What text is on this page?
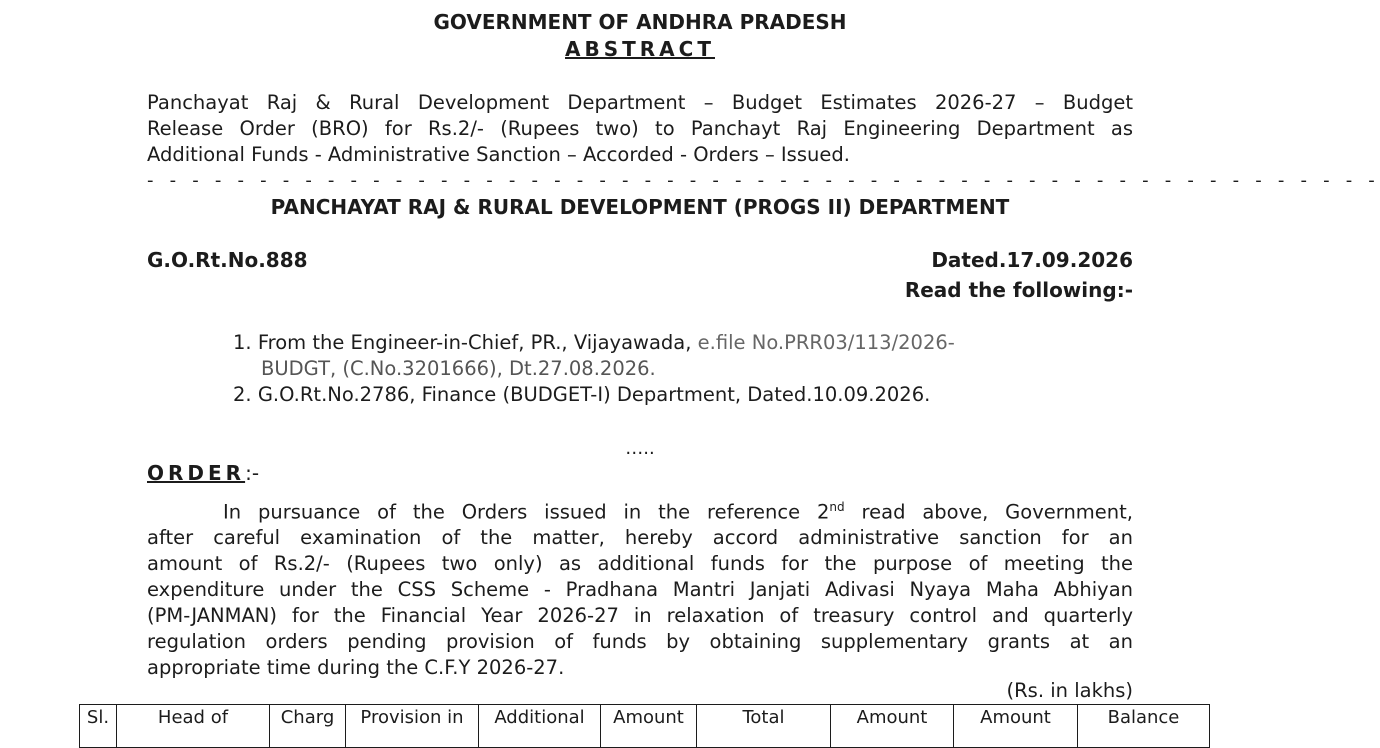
GOVERNMENT OF ANDHRA PRADESH
ABSTRACT
Panchayat Raj & Rural Development Department – Budget Estimates 2026-27 – Budget
Release Order (BRO) for Rs.2/- (Rupees two) to Panchayt Raj Engineering Department as
Additional Funds - Administrative Sanction – Accorded - Orders – Issued.
- - - - - - - - - - - - - - - - - - - - - - - - - - - - - - - - - - - - - - - - - - - - - - - - - - - - - - -
PANCHAYAT RAJ & RURAL DEVELOPMENT (PROGS II) DEPARTMENT
G.O.Rt.No.888	Dated.17.09.2026
Read the following:-
1. From the Engineer-in-Chief, PR., Vijayawada, e.file No.PRR03/113/2026-
BUDGT, (C.No.3201666), Dt.27.08.2026.
2. G.O.Rt.No.2786, Finance (BUDGET-I) Department, Dated.10.09.2026.
…..
ORDER:-
In pursuance of the Orders issued in the reference 2nd read above, Government,
after careful examination of the matter, hereby accord administrative sanction for an
amount of Rs.2/- (Rupees two only) as additional funds for the purpose of meeting the
expenditure under the CSS Scheme - Pradhana Mantri Janjati Adivasi Nyaya Maha Abhiyan
(PM-JANMAN) for the Financial Year 2026-27 in relaxation of treasury control and quarterly
regulation orders pending provision of funds by obtaining supplementary grants at an
appropriate time during the C.F.Y 2026-27.
(Rs. in lakhs)
Sl.	Head of	Charg	Provision in	Additional	Amount	Total	Amount	Amount	Balance
